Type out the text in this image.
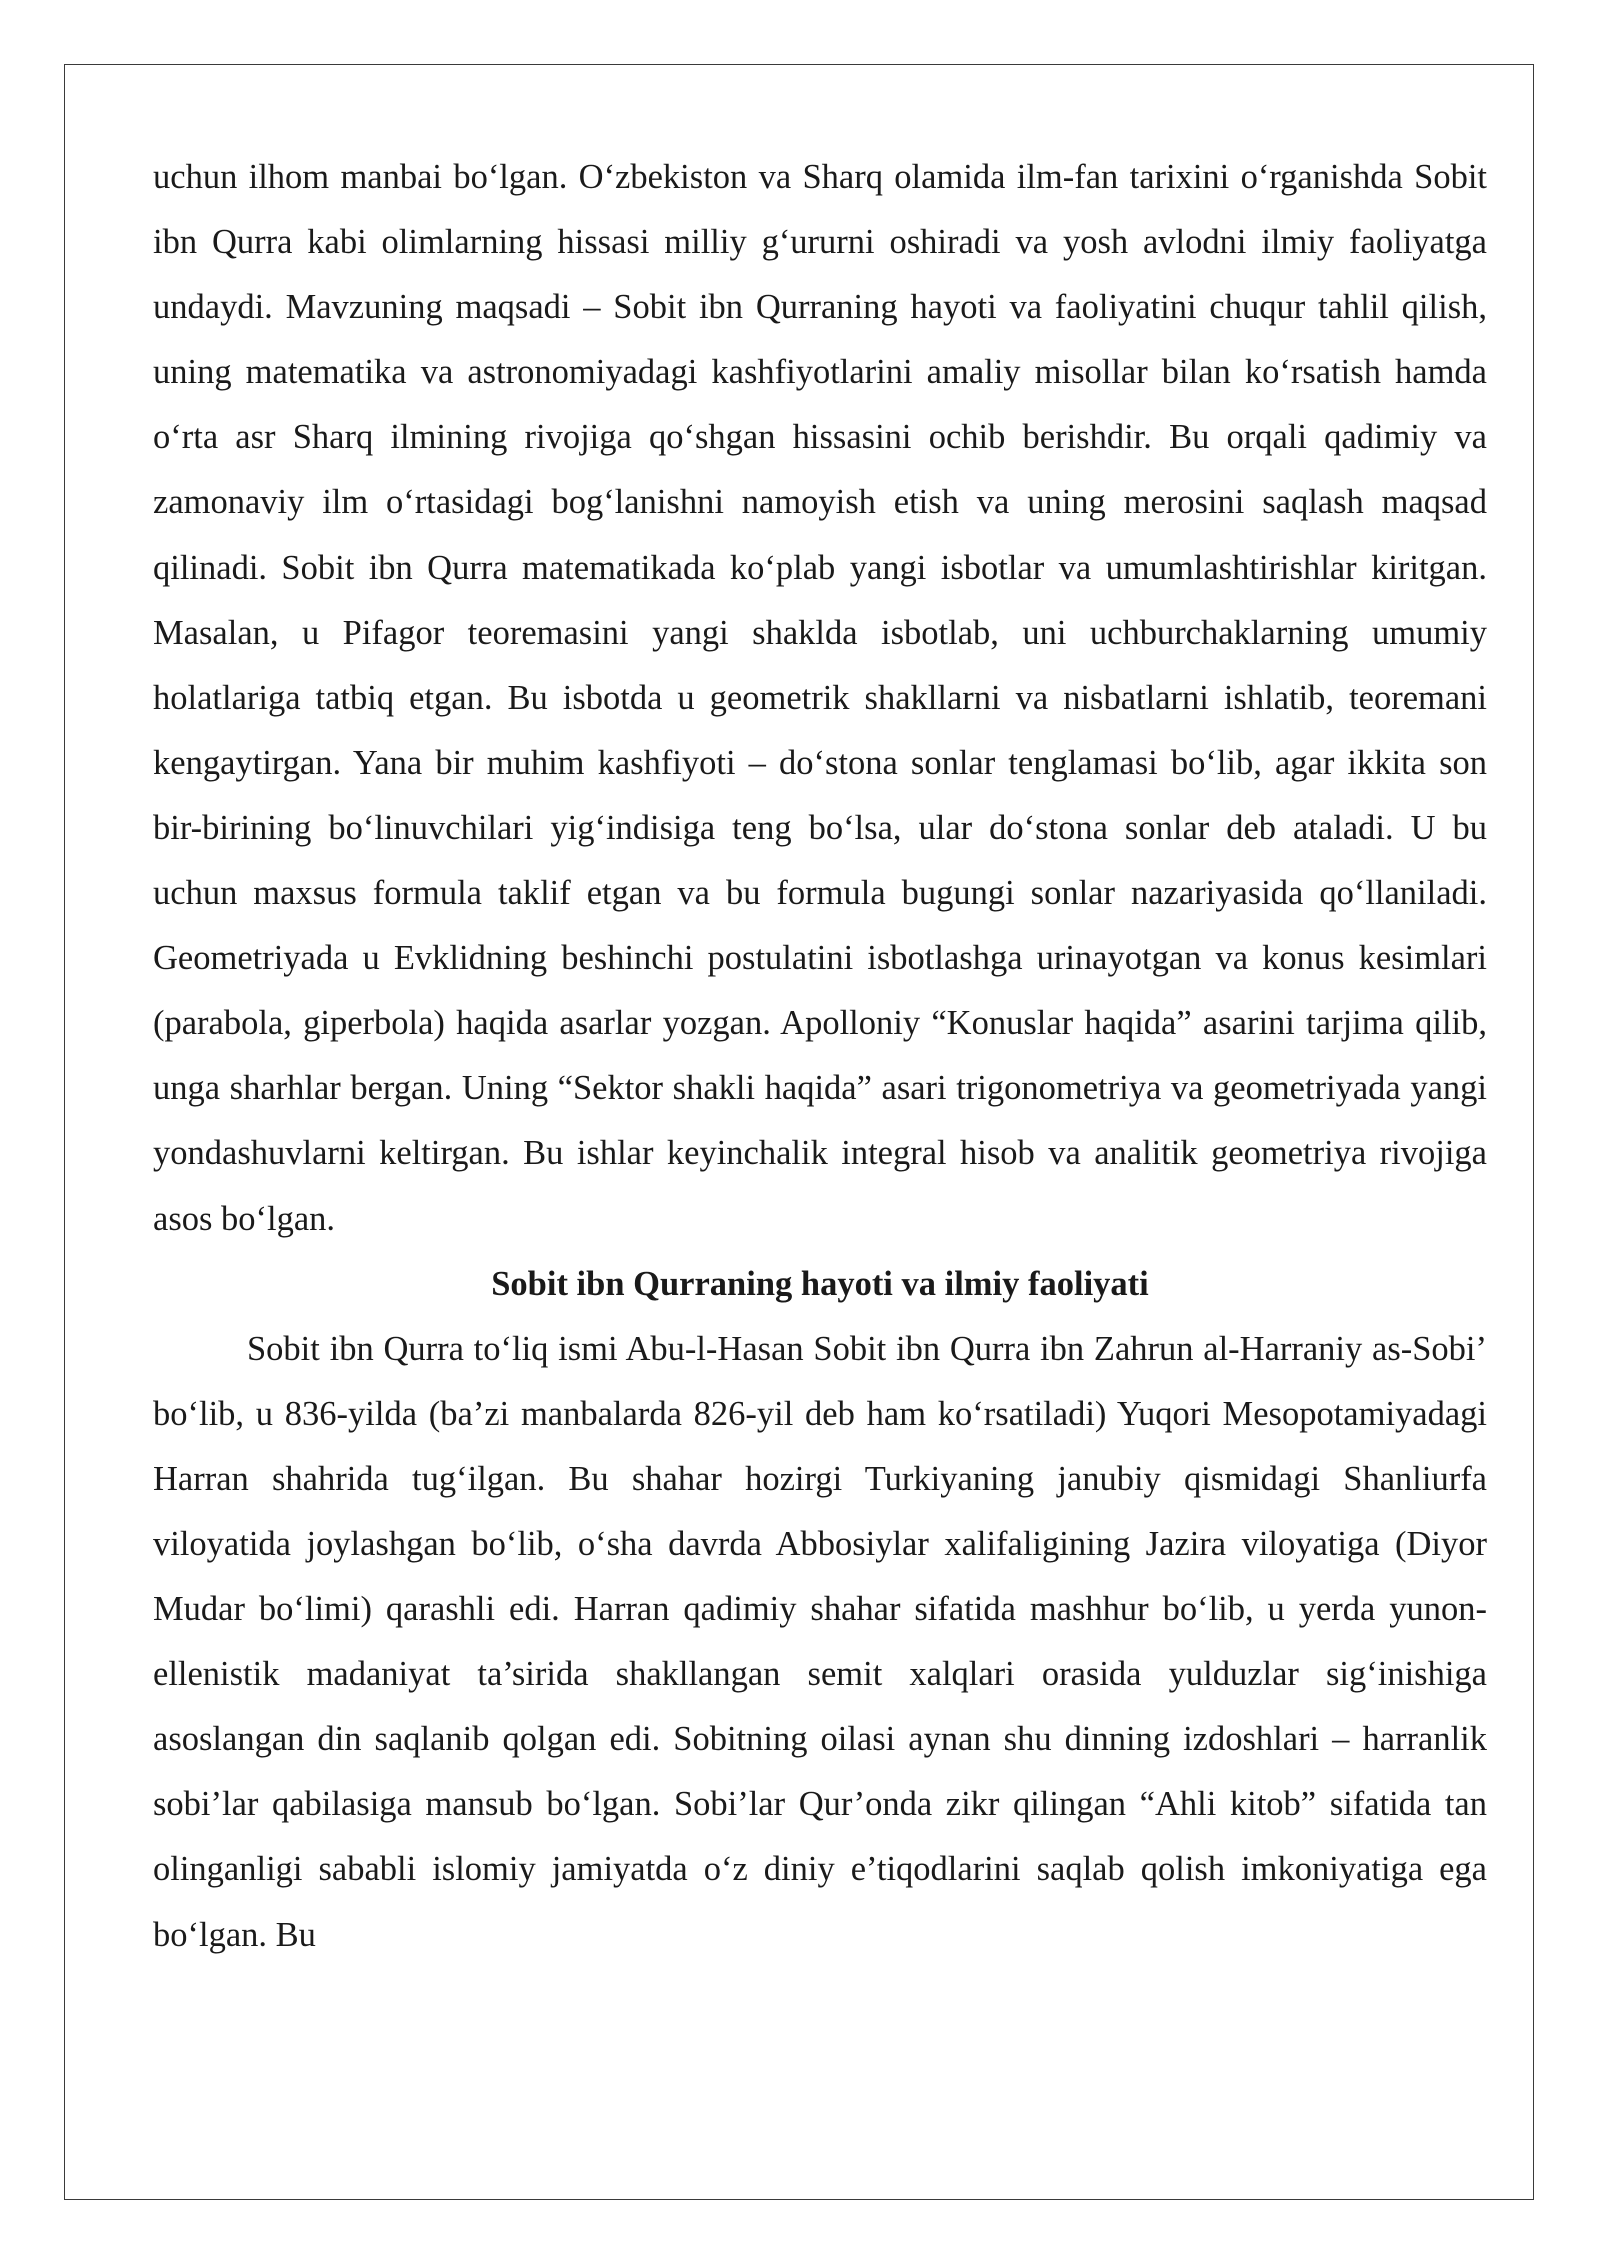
uchun ilhom manbai bo‘lgan. O‘zbekiston va Sharq olamida ilm-fan tarixini o‘rganishda Sobit ibn Qurra kabi olimlarning hissasi milliy g‘ururni oshiradi va yosh avlodni ilmiy faoliyatga undaydi. Mavzuning maqsadi – Sobit ibn Qurraning hayoti va faoliyatini chuqur tahlil qilish, uning matematika va astronomiyadagi kashfiyotlarini amaliy misollar bilan ko‘rsatish hamda o‘rta asr Sharq ilmining rivojiga qo‘shgan hissasini ochib berishdir. Bu orqali qadimiy va zamonaviy ilm o‘rtasidagi bog‘lanishni namoyish etish va uning merosini saqlash maqsad qilinadi. Sobit ibn Qurra matematikada ko‘plab yangi isbotlar va umumlashtirishlar kiritgan. Masalan, u Pifagor teoremasini yangi shaklda isbotlab, uni uchburchaklarning umumiy holatlariga tatbiq etgan. Bu isbotda u geometrik shakllarni va nisbatlarni ishlatib, teoremani kengaytirgan. Yana bir muhim kashfiyoti – do‘stona sonlar tenglamasi bo‘lib, agar ikkita son bir-birining bo‘linuvchilari yig‘indisiga teng bo‘lsa, ular do‘stona sonlar deb ataladi. U bu uchun maxsus formula taklif etgan va bu formula bugungi sonlar nazariyasida qo‘llaniladi. Geometriyada u Evklidning beshinchi postulatini isbotlashga urinayotgan va konus kesimlari (parabola, giperbola) haqida asarlar yozgan. Apolloniy “Konuslar haqida” asarini tarjima qilib, unga sharhlar bergan. Uning “Sektor shakli haqida” asari trigonometriya va geometriyada yangi yondashuvlarni keltirgan. Bu ishlar keyinchalik integral hisob va analitik geometriya rivojiga asos bo‘lgan.

Sobit ibn Qurraning hayoti va ilmiy faoliyati

Sobit ibn Qurra to‘liq ismi Abu-l-Hasan Sobit ibn Qurra ibn Zahrun al-Harraniy as-Sobi’ bo‘lib, u 836-yilda (ba’zi manbalarda 826-yil deb ham ko‘rsatiladi) Yuqori Mesopotamiyadagi Harran shahrida tug‘ilgan. Bu shahar hozirgi Turkiyaning janubiy qismidagi Shanliurfa viloyatida joylashgan bo‘lib, o‘sha davrda Abbosiylar xalifaligining Jazira viloyatiga (Diyor Mudar bo‘limi) qarashli edi. Harran qadimiy shahar sifatida mashhur bo‘lib, u yerda yunon-ellenistik madaniyat ta’sirida shakllangan semit xalqlari orasida yulduzlar sig‘inishiga asoslangan din saqlanib qolgan edi. Sobitning oilasi aynan shu dinning izdoshlari – harranlik sobi’lar qabilasiga mansub bo‘lgan. Sobi’lar Qur’onda zikr qilingan “Ahli kitob” sifatida tan olinganligi sababli islomiy jamiyatda o‘z diniy e’tiqodlarini saqlab qolish imkoniyatiga ega bo‘lgan. Bu
